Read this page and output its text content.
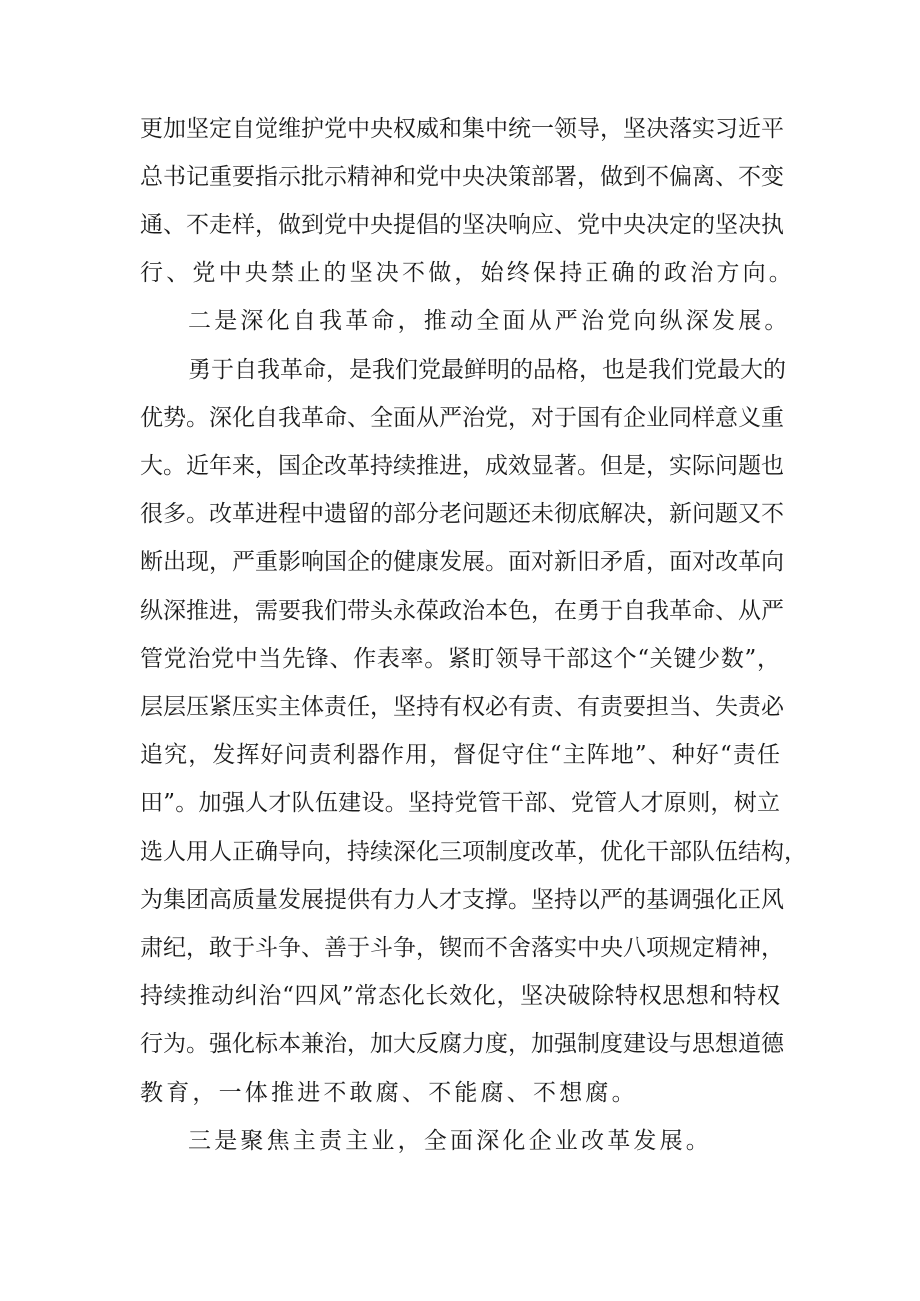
更加坚定自觉维护党中央权威和集中统一领导，坚决落实习近平

总书记重要指示批示精神和党中央决策部署，做到不偏离、不变

通、不走样，做到党中央提倡的坚决响应、党中央决定的坚决执

行、党中央禁止的坚决不做，始终保持正确的政治方向。

二是深化自我革命，推动全面从严治党向纵深发展。

勇于自我革命，是我们党最鲜明的品格，也是我们党最大的

优势。深化自我革命、全面从严治党，对于国有企业同样意义重

大。近年来，国企改革持续推进，成效显著。但是，实际问题也

很多。改革进程中遗留的部分老问题还未彻底解决，新问题又不

断出现，严重影响国企的健康发展。面对新旧矛盾，面对改革向

纵深推进，需要我们带头永葆政治本色，在勇于自我革命、从严

管党治党中当先锋、作表率。紧盯领导干部这个“关键少数”，

层层压紧压实主体责任，坚持有权必有责、有责要担当、失责必

追究，发挥好问责利器作用，督促守住“主阵地”、种好“责任

田”。加强人才队伍建设。坚持党管干部、党管人才原则，树立

选人用人正确导向，持续深化三项制度改革，优化干部队伍结构，

为集团高质量发展提供有力人才支撑。坚持以严的基调强化正风

肃纪，敢于斗争、善于斗争，锲而不舍落实中央八项规定精神，

持续推动纠治“四风”常态化长效化，坚决破除特权思想和特权

行为。强化标本兼治，加大反腐力度，加强制度建设与思想道德

教育，一体推进不敢腐、不能腐、不想腐。

三是聚焦主责主业，全面深化企业改革发展。
